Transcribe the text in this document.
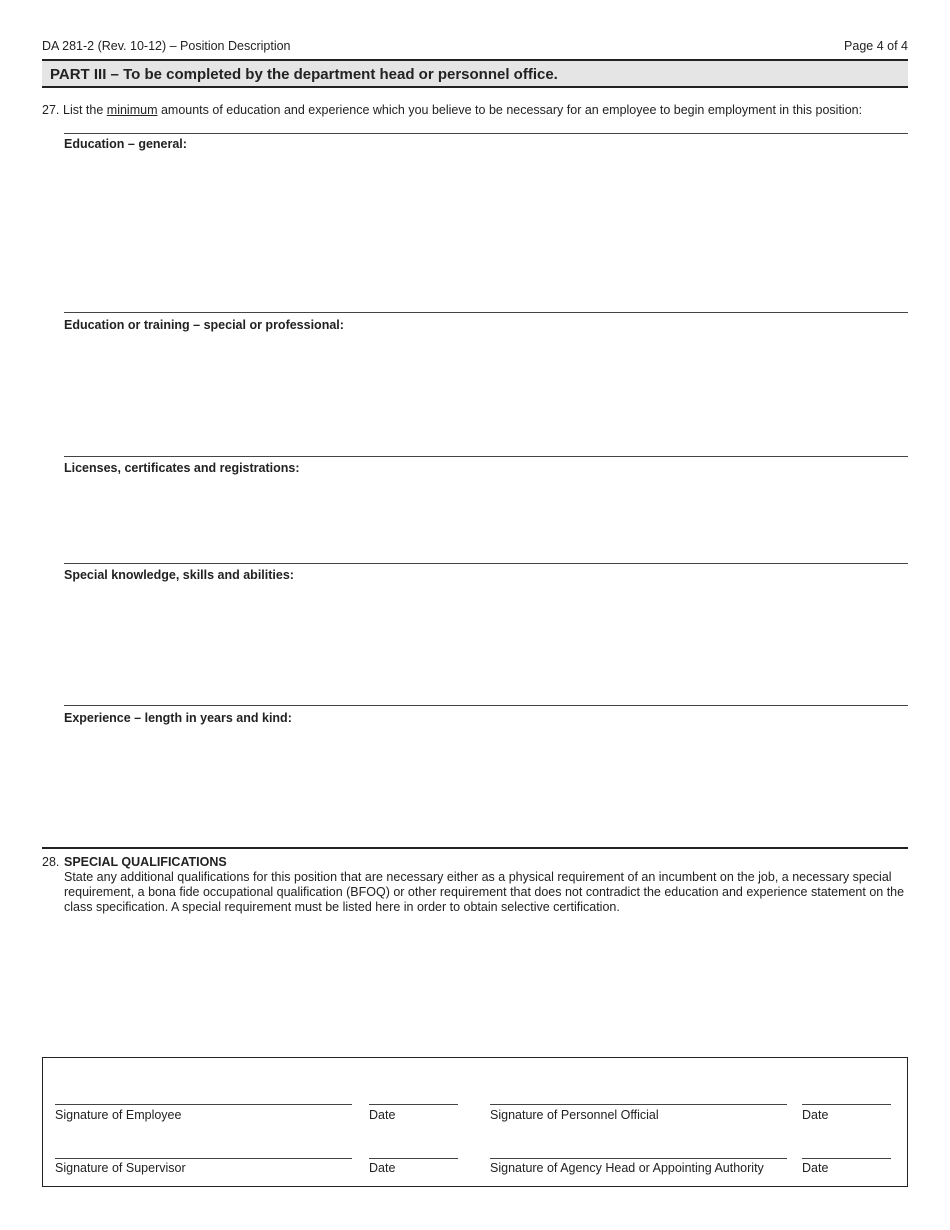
DA 281-2 (Rev. 10-12) – Position Description	Page 4 of 4
PART III – To be completed by the department head or personnel office.
27. List the minimum amounts of education and experience which you believe to be necessary for an employee to begin employment in this position:
Education – general:
Education or training – special or professional:
Licenses, certificates and registrations:
Special knowledge, skills and abilities:
Experience – length in years and kind:
28. SPECIAL QUALIFICATIONS
State any additional qualifications for this position that are necessary either as a physical requirement of an incumbent on the job, a necessary special requirement, a bona fide occupational qualification (BFOQ) or other requirement that does not contradict the education and experience statement on the class specification. A special requirement must be listed here in order to obtain selective certification.
Signature of Employee	Date	Signature of Personnel Official	Date
Signature of Supervisor	Date	Signature of Agency Head or Appointing Authority	Date
